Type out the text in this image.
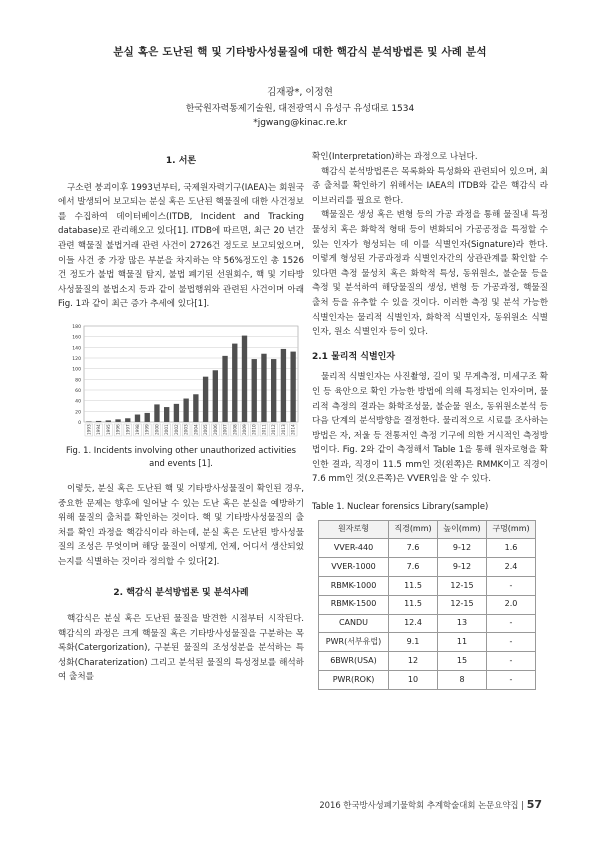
분실 혹은 도난된 핵 및 기타방사성물질에 대한 핵감식 분석방법론 및 사례 분석
김재광*, 이정현
한국원자력통제기술원, 대전광역시 유성구 유성대로 1534
*jgwang@kinac.re.kr
1. 서론

구소련 붕괴이후 1993년부터, 국제원자력기구(IAEA)는 회원국에서 발생되어 보고되는 분실 혹은 도난된 핵물질에 대한 사건정보를 수집하여 데이터베이스(ITDB, Incident and Tracking database)로 관리해오고 있다[1]. ITDB에 따르면, 최근 20 년간 관련 핵물질 불법거래 관련 사건이 2726건 정도로 보고되었으며, 이들 사건 중 가장 많은 부분을 차지하는 약 56%정도인 총 1526건 정도가 불법 핵물질 탐지, 불법 폐기된 선원회수, 핵 및 기타방사성물질의 불법소지 등과 같이 불법행위와 관련된 사건이며 아래 Fig. 1과 같이 최근 증가 추세에 있다[1].

0
20
40
60
80
100
120
140
160
180
1993 1994 1995 1996 1997 1998 1999 2000 2001 2002 2003 2004 2005 2006 2007 2008 2009 2010 2011 2012 2013 2014
Fig. 1. Incidents involving other unauthorized activities and events [1].

이렇듯, 분실 혹은 도난된 핵 및 기타방사성물질이 확인된 경우, 중요한 문제는 향후에 일어날 수 있는 도난 혹은 분실을 예방하기 위해 물질의 출처를 확인하는 것이다. 핵 및 기타방사성물질의 출처를 확인 과정을 핵감식이라 하는데, 분실 혹은 도난된 방사성물질의 조성은 무엇이며 해당 물질이 어떻게, 언제, 어디서 생산되었는지를 식별하는 것이라 정의할 수 있다[2].

2. 핵감식 분석방법론 및 분석사례

핵감식은 분실 혹은 도난된 물질을 발견한 시점부터 시작된다. 핵감식의 과정은 크게 핵물질 혹은 기타방사성물질을 구분하는 목록화(Catergorization), 구분된 물질의 조성성분을 분석하는 특성화(Charaterization) 그리고 분석된 물질의 특성정보를 해석하여 출처를

확인(Interpretation)하는 과정으로 나뉜다.

핵감식 분석방법론은 목록화와 특성화와 관련되어 있으며, 최종 출처를 확인하기 위해서는 IAEA의 ITDB와 같은 핵감식 라이브러리를 필요로 한다.

핵물질은 생성 혹은 변형 등의 가공 과정을 통해 물질내 특정 물성치 혹은 화학적 형태 등이 변화되어 가공공정을 특정할 수 있는 인자가 형성되는 데 이를 식별인자(Signature)라 한다. 이렇게 형성된 가공과정과 식별인자간의 상관관계를 확인할 수 있다면 측정 물성치 혹은 화학적 특성, 동위원소, 불순물 등을 측정 및 분석하여 해당물질의 생성, 변형 등 가공과정, 핵물질 출처 등을 유추할 수 있을 것이다. 이러한 측정 및 분석 가능한 식별인자는 물리적 식별인자, 화학적 식별인자, 동위원소 식별인자, 원소 식별인자 등이 있다.

2.1 물리적 식별인자

물리적 식별인자는 사진촬영, 길이 및 무게측정, 미세구조 확인 등 육안으로 확인 가능한 방법에 의해 특정되는 인자이며, 물리적 측정의 결과는 화학조성물, 불순물 원소, 동위원소분석 등 다음 단계의 분석방향을 결정한다. 물리적으로 시료를 조사하는 방법은 자, 저울 등 전통저인 측정 기구에 의한 거시적인 측정방법이다. Fig. 2와 같이 측정해서 Table 1을 통해 원자로형을 확인한 결과, 직경이 11.5 mm인 것(왼쪽)은 RMMK이고 직경이 7.6 mm인 것(오른쪽)은 VVER임을 알 수 있다.

Table 1. Nuclear forensics Library(sample)
원자로형	직경(mm)	높이(mm)	구멍(mm)
VVER-440	7.6	9-12	1.6
VVER-1000	7.6	9-12	2.4
RBMK-1000	11.5	12-15	-
RBMK-1500	11.5	12-15	2.0
CANDU	12.4	13	-
PWR(서부유럽)	9.1	11	-
6BWR(USA)	12	15	-
PWR(ROK)	10	8	-
2016 한국방사성폐기물학회 추계학술대회 논문요약집 | 57
